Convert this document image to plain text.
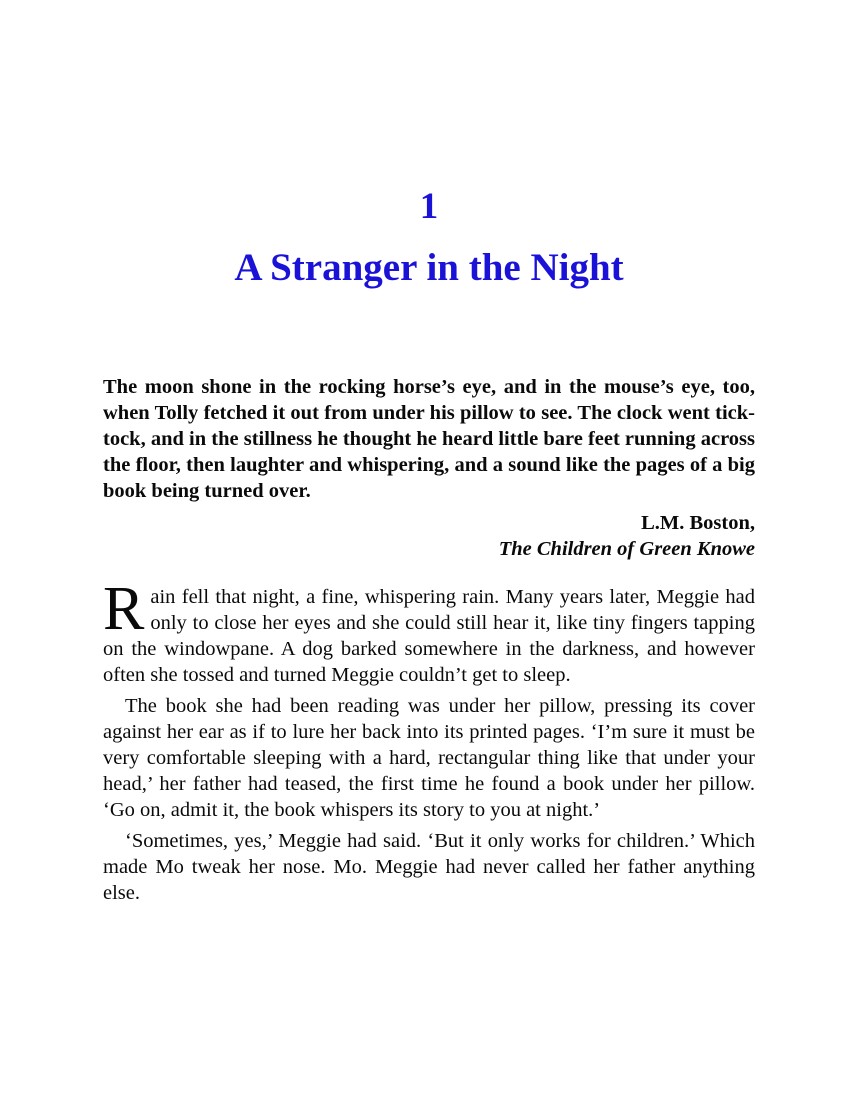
1
A Stranger in the Night
The moon shone in the rocking horse’s eye, and in the mouse’s eye, too, when Tolly fetched it out from under his pillow to see. The clock went tick-tock, and in the stillness he thought he heard little bare feet running across the floor, then laughter and whispering, and a sound like the pages of a big book being turned over.
L.M. Boston,
The Children of Green Knowe

Rain fell that night, a fine, whispering rain. Many years later, Meggie had only to close her eyes and she could still hear it, like tiny fingers tapping on the windowpane. A dog barked somewhere in the darkness, and however often she tossed and turned Meggie couldn’t get to sleep.

The book she had been reading was under her pillow, pressing its cover against her ear as if to lure her back into its printed pages. ‘I’m sure it must be very comfortable sleeping with a hard, rectangular thing like that under your head,’ her father had teased, the first time he found a book under her pillow. ‘Go on, admit it, the book whispers its story to you at night.’

‘Sometimes, yes,’ Meggie had said. ‘But it only works for children.’ Which made Mo tweak her nose. Mo. Meggie had never called her father anything else.
